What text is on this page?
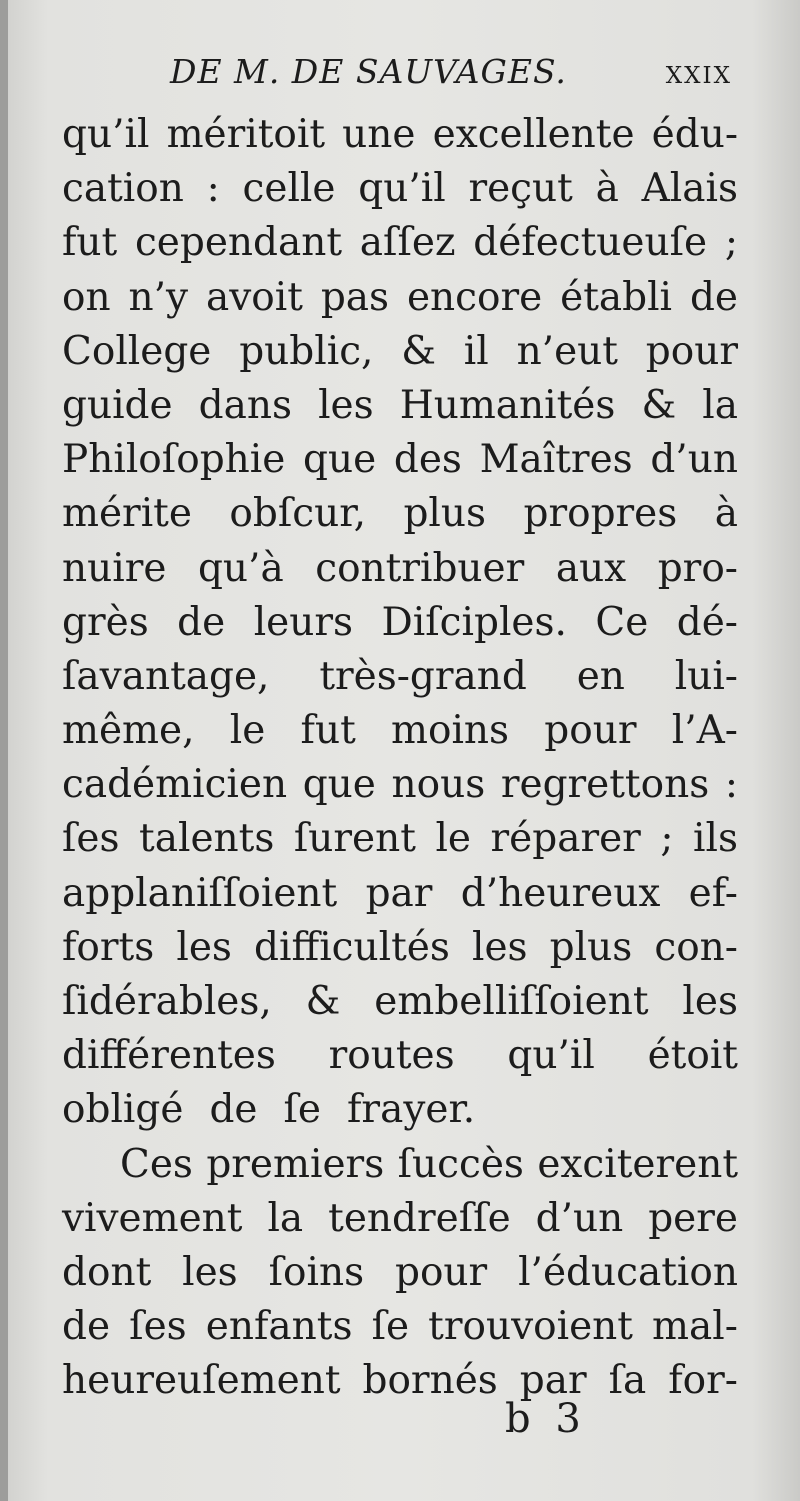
DE M. DE SAUVAGES.	xxix
qu’il méritoit une excellente édu-
cation : celle qu’il reçut à Alais
fut cependant aſſez défectueuſe ;
on n’y avoit pas encore établi de
College public, & il n’eut pour
guide dans les Humanités & la
Philoſophie que des Maîtres d’un
mérite obſcur, plus propres à
nuire qu’à contribuer aux pro-
grès de leurs Diſciples. Ce dé-
ſavantage, très-grand en lui-
même, le fut moins pour l’A-
cadémicien que nous regrettons :
ſes talents ſurent le réparer ; ils
applaniſſoient par d’heureux ef-
forts les difficultés les plus con-
ſidérables, & embelliſſoient les
différentes routes qu’il étoit
obligé de ſe frayer.
Ces premiers ſuccès exciterent
vivement la tendreſſe d’un pere
dont les ſoins pour l’éducation
de ſes enfants ſe trouvoient mal-
heureuſement bornés par ſa for-
b 3
